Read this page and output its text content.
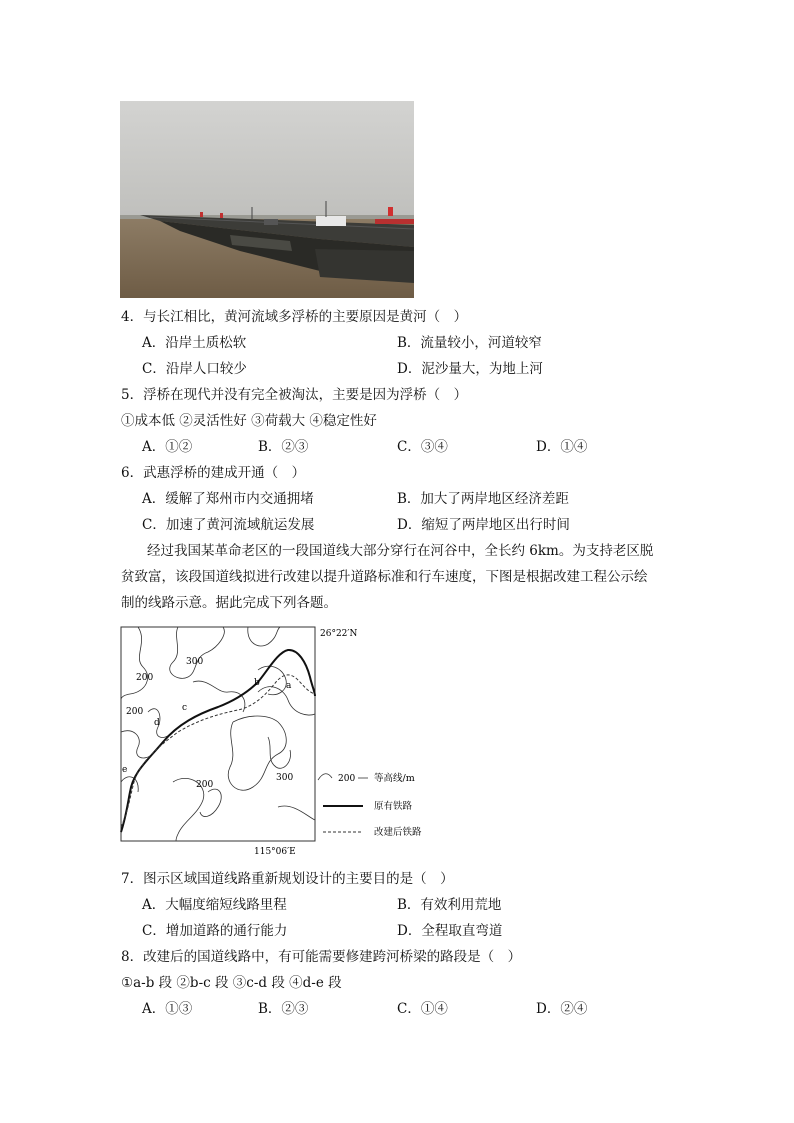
4．与长江相比，黄河流域多浮桥的主要原因是黄河（　）
A．沿岸土质松软	B．流量较小，河道较窄
C．沿岸人口较少	D．泥沙量大，为地上河
5．浮桥在现代并没有完全被淘汰，主要是因为浮桥（　）
①成本低 ②灵活性好 ③荷载大 ④稳定性好
A．①②	B．②③	C．③④	D．①④
6．武惠浮桥的建成开通（　）
A．缓解了郑州市内交通拥堵	B．加大了两岸地区经济差距
C．加速了黄河流域航运发展	D．缩短了两岸地区出行时间
经过我国某革命老区的一段国道线大部分穿行在河谷中，全长约 6km。为支持老区脱
贫致富，该段国道线拟进行改建以提升道路标准和行车速度，下图是根据改建工程公示绘
制的线路示意。据此完成下列各题。
300
200
200
200
300
a
b
c
d
e
26°22′N
115°06′E
200 等高线/m
原有铁路
改建后铁路
7．图示区域国道线路重新规划设计的主要目的是（　）
A．大幅度缩短线路里程	B．有效利用荒地
C．增加道路的通行能力	D．全程取直弯道
8．改建后的国道线路中，有可能需要修建跨河桥梁的路段是（　）
①a-b 段 ②b-c 段 ③c-d 段 ④d-e 段
A．①③	B．②③	C．①④	D．②④
